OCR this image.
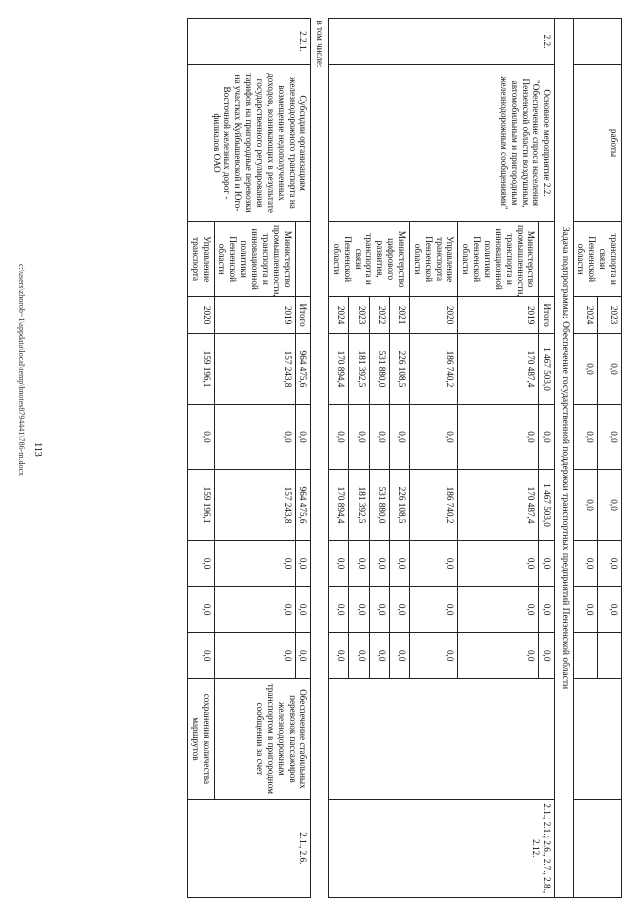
113
c:\users\zhorob~1\appdata\local\temp\bnotes8794441\786-m.docx
	работы	транспорта и связи Пензенской области	2023	0,0	0,0	0,0	0,0	0,0			
			2024	0,0	0,0	0,0	0,0	0,0			
Задача подпрограммы: Обеспечение государственной поддержки транспортных предприятий Пензенской области											
2.2.	Основное мероприятие 2.2. "Обеспечение спроса населения Пензенской области воздушным, автомобильным и пригородным железнодорожным сообщениями"		Итого	1 467 503,0	0,0	1 467 503,0	0,0	0,0	0,0		2.1., 2.1.; 2.6., 2.7., 2.8., 2.12.
		Министерство промышленности, транспорта и инновационной политики Пензенской области	2019	170 487,4	0,0	170 487,4	0,0	0,0	0,0		
		Управление транспорта Пензенской области	2020	186 740,2	0,0	186 740,2	0,0	0,0	0,0		
		Министерство цифрового развития, транспорта и связи Пензенской области	2021	226 108,5	0,0	226 108,5	0,0	0,0	0,0		
			2022	531 880,0	0,0	531 880,0	0,0	0,0	0,0		
			2023	181 392,5	0,0	181 392,5	0,0	0,0	0,0		
			2024	170 894,4	0,0	170 894,4	0,0	0,0	0,0		
в том числе:											
2.2.1.	Субсидии организациям железнодорожного транспорта на возмещение недополученных доходов, возникающих в результате государственного регулирования тарифов на пригородные перевозки на участках Куйбышевской и Юго-Восточной железных дорог - филиалов ОАО		Итого	964 475,6	0,0	964 475,6	0,0	0,0	0,0	Обеспечение стабильных перевозок пассажиров железнодорожным транспортом в пригородном сообщении за счет	2.1., 2.6.
		Министерство промышленности, транспорта и инновационной политики Пензенской области	2019	157 243,8	0,0	157 243,8	0,0	0,0	0,0		
		Управление транспорта	2020	159 196,1	0,0	159 196,1	0,0	0,0	0,0	сохранения количества маршрутов	
